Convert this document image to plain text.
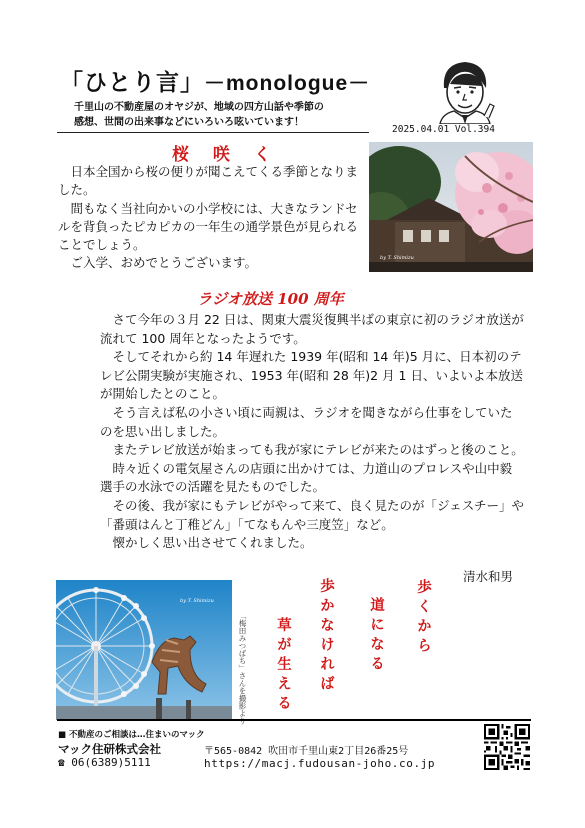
「ひとり言」－monologue－
千里山の不動産屋のオヤジが、地域の四方山話や季節の
感想、世間の出来事などにいろいろ呟いています！
2025.04.01 Vol.394
桜 咲 く

日本全国から桜の便りが聞こえてくる季節となりました。

間もなく当社向かいの小学校には、大きなランドセルを背負ったピカピカの一年生の通学景色が見られることでしょう。

ご入学、おめでとうございます。	by T. Shimizu
ラジオ放送 100 周年

さて今年の３月 22 日は、関東大震災復興半ばの東京に初のラジオ放送が流れて 100 周年となったようです。

そしてそれから約 14 年遅れた 1939 年(昭和 14 年)5 月に、日本初のテレビ公開実験が実施され、1953 年(昭和 28 年)2 月 1 日、いよいよ本放送が開始したとのこと。

そう言えば私の小さい頃に両親は、ラジオを聞きながら仕事をしていたのを思い出しました。

またテレビ放送が始まっても我が家にテレビが来たのはずっと後のこと。

時々近くの電気屋さんの店頭に出かけては、力道山のプロレスや山中毅選手の水泳での活躍を見たものでした。

その後、我が家にもテレビがやって来て、良く見たのが「ジェスチー」や「番頭はんと丁稚どん」「てなもんや三度笠」など。

懐かしく思い出させてくれました。

清水和男
by T. Shimizu
「梅田みつばち」さんを撮影より	歩くから
道になる
歩かなければ
草が生える
■ 不動産のご相談は…住まいのマック
マック住研株式会社
☎ 06(6389)5111
〒565-0842 吹田市千里山東2丁目26番25号
https://macj.fudousan-joho.co.jp
